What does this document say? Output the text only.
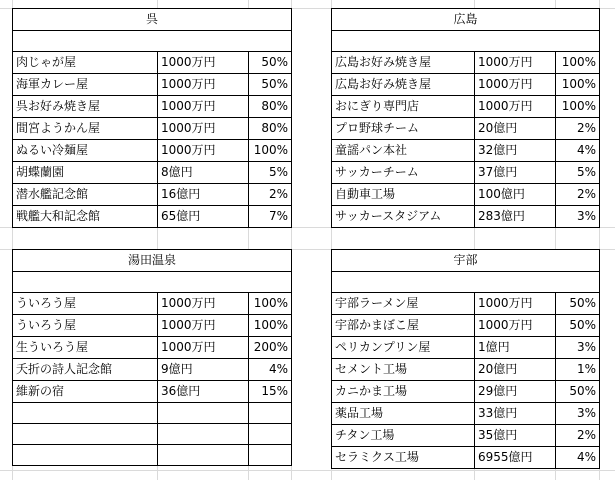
呉		

肉じゃが屋	1000万円	50%
海軍カレー屋	1000万円	50%
呉お好み焼き屋	1000万円	80%
間宮ようかん屋	1000万円	80%
ぬるい冷麺屋	1000万円	100%
胡蝶蘭園	8億円	5%
潜水艦記念館	16億円	2%
戦艦大和記念館	65億円	7%
広島		

広島お好み焼き屋	1000万円	100%
広島お好み焼き屋	1000万円	100%
おにぎり専門店	1000万円	100%
プロ野球チーム	20億円	2%
童謡パン本社	32億円	4%
サッカーチーム	37億円	5%
自動車工場	100億円	2%
サッカースタジアム	283億円	3%
湯田温泉		

ういろう屋	1000万円	100%
ういろう屋	1000万円	100%
生ういろう屋	1000万円	200%
夭折の詩人記念館	9億円	4%
維新の宿	36億円	15%

宇部		

宇部ラーメン屋	1000万円	50%
宇部かまぼこ屋	1000万円	50%
ペリカンプリン屋	1億円	3%
セメント工場	20億円	1%
カニかま工場	29億円	50%
薬品工場	33億円	3%
チタン工場	35億円	2%
セラミクス工場	6955億円	4%
